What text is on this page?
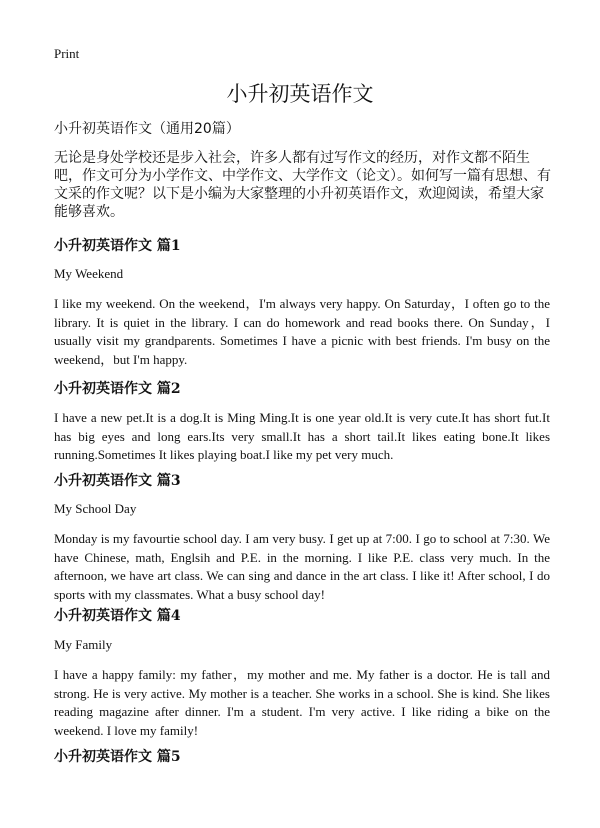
Print
小升初英语作文
小升初英语作文（通用20篇）
无论是身处学校还是步入社会，许多人都有过写作文的经历，对作文都不陌生吧，作文可分为小学作文、中学作文、大学作文（论文）。如何写一篇有思想、有文采的作文呢？以下是小编为大家整理的小升初英语作文，欢迎阅读，希望大家能够喜欢。
小升初英语作文 篇1
My Weekend
I like my weekend. On the weekend，I'm always very happy. On Saturday，I often go to the library. It is quiet in the library. I can do homework and read books there. On Sunday，I usually visit my grandparents. Sometimes I have a picnic with best friends. I'm busy on the weekend，but I'm happy.
小升初英语作文 篇2
I have a new pet.It is a dog.It is Ming Ming.It is one year old.It is very cute.It has short fut.It has big eyes and long ears.Its very small.It has a short tail.It likes eating bone.It likes running.Sometimes It likes playing boat.I like my pet very much.
小升初英语作文 篇3
My School Day
Monday is my favourtie school day. I am very busy. I get up at 7:00. I go to school at 7:30. We have Chinese, math, Englsih and P.E. in the morning. I like P.E. class very much. In the afternoon, we have art class. We can sing and dance in the art class. I like it! After school, I do sports with my classmates. What a busy school day!
小升初英语作文 篇4
My Family
I have a happy family: my father，my mother and me. My father is a doctor. He is tall and strong. He is very active. My mother is a teacher. She works in a school. She is kind. She likes reading magazine after dinner. I'm a student. I'm very active. I like riding a bike on the weekend. I love my family!
小升初英语作文 篇5
